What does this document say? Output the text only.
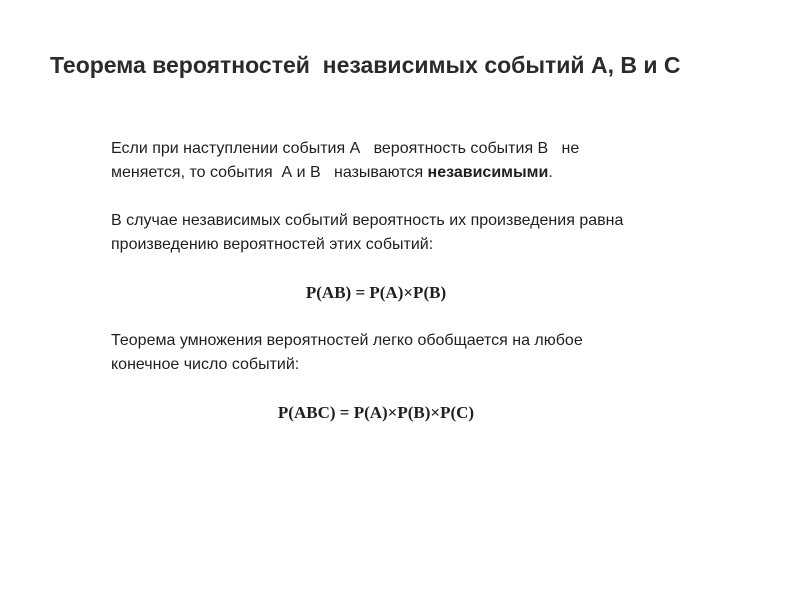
Теорема вероятностей  независимых событий А, В и С

Если при наступлении события А   вероятность события В   не
меняется, то события  А и В   называются независимыми.

В случае независимых событий вероятность их произведения равна
произведению вероятностей этих событий:

Р(АВ) = Р(А)×Р(В)

Теорема умножения вероятностей легко обобщается на любое
конечное число событий:

Р(АВС) = Р(А)×Р(В)×Р(С)
